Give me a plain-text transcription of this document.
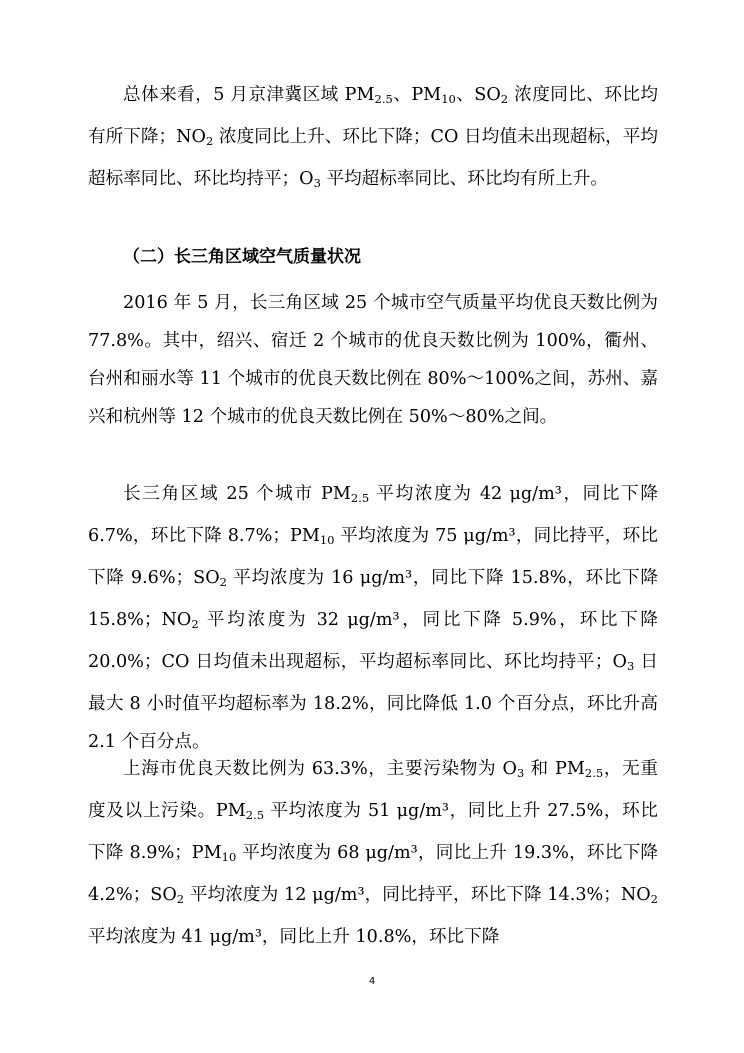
总体来看，5 月京津冀区域 $PM_{2.5}$、$PM_{10}$、$SO_2$ 浓度同比、环比均有所下降；$NO_2$ 浓度同比上升、环比下降；CO 日均值未出现超标，平均超标率同比、环比均持平；$O_3$ 平均超标率同比、环比均有所上升。
（二）长三角区域空气质量状况
2016 年 5 月，长三角区域 25 个城市空气质量平均优良天数比例为 77.8%。其中，绍兴、宿迁 2 个城市的优良天数比例为 100%，衢州、台州和丽水等 11 个城市的优良天数比例在 80%～100%之间，苏州、嘉兴和杭州等 12 个城市的优良天数比例在 50%～80%之间。
长三角区域 25 个城市 $PM_{2.5}$ 平均浓度为 42 μg/m³，同比下降 6.7%，环比下降 8.7%；$PM_{10}$ 平均浓度为 75 μg/m³，同比持平，环比下降 9.6%；$SO_2$ 平均浓度为 16 μg/m³，同比下降 15.8%，环比下降 15.8%；$NO_2$ 平均浓度为 32 μg/m³，同比下降 5.9%，环比下降 20.0%；CO 日均值未出现超标，平均超标率同比、环比均持平；$O_3$ 日最大 8 小时值平均超标率为 18.2%，同比降低 1.0 个百分点，环比升高 2.1 个百分点。
上海市优良天数比例为 63.3%，主要污染物为 $O_3$ 和 $PM_{2.5}$，无重度及以上污染。$PM_{2.5}$ 平均浓度为 51 μg/m³，同比上升 27.5%，环比下降 8.9%；$PM_{10}$ 平均浓度为 68 μg/m³，同比上升 19.3%，环比下降 4.2%；$SO_2$ 平均浓度为 12 μg/m³，同比持平，环比下降 14.3%；$NO_2$ 平均浓度为 41 μg/m³，同比上升 10.8%，环比下降
4
